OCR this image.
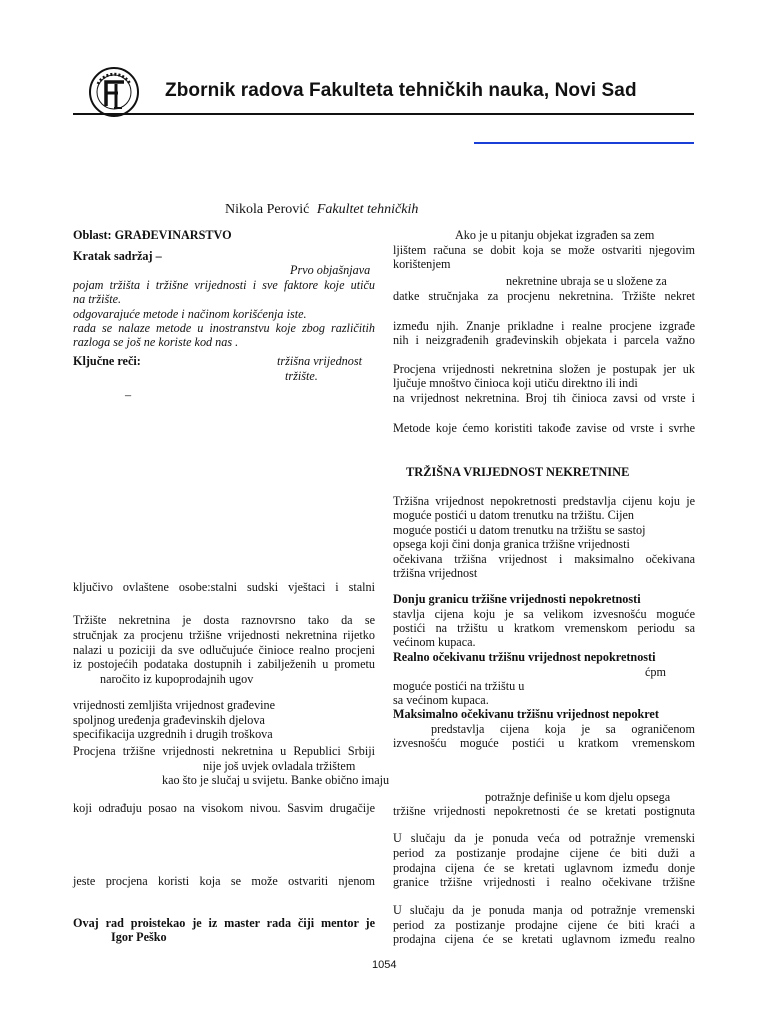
Zbornik radova Fakulteta tehničkih nauka, Novi Sad
Nikola Perović Fakultet tehničkih
Oblast: GRAĐEVINARSTVO
Kratak sadržaj –
Prvo objašnjava
pojam tržišta i tržišne vrijednosti i sve faktore koje utiču
na tržište.
odgovarajuće metode i načinom korišćenja iste.
rada se nalaze metode u inostranstvu koje zbog različitih
razloga se još ne koriste kod nas .
Ključne reči:	tržišna vrijednost
tržište.
–
ključivo ovlaštene osobe:stalni sudski vještaci i stalni
Tržište nekretnina je dosta raznovrsno tako da se
stručnjak za procjenu tržišne vrijednosti nekretnina rijetko
nalazi u poziciji da sve odlučujuće činioce realno procjeni
iz postojećih podataka dostupnih i zabilježenih u prometu
naročito iz kupoprodajnih ugov
vrijednosti zemljišta vrijednost građevine
spoljnog uređenja građevinskih djelova
specifikacija uzgrednih i drugih troškova
Procjena tržišne vrijednosti nekretnina u Republici Srbiji
nije još uvjek ovladala tržištem
kao što je slučaj u svijetu. Banke obično imaju
koji odrađuju posao na visokom nivou. Sasvim drugačije
jeste procjena koristi koja se može ostvariti njenom
Ovaj rad proistekao je iz master rada čiji mentor je
Igor Peško
Ako je u pitanju objekat izgrađen sa zem
ljištem računa se dobit koja se može ostvariti njegovim
korištenjem
nekretnine ubraja se u složene za
datke stručnjaka za procjenu nekretnina. Tržište nekret
između njih. Znanje prikladne i realne procjene izgrađe
nih i neizgrađenih građevinskih objekata i parcela važno
Procjena vrijednosti nekretnina složen je postupak jer uk
ljučuje mnoštvo činioca koji utiču direktno ili indi
na vrijednost nekretnina. Broj tih činioca zavsi od vrste i
Metode koje ćemo koristiti takođe zavise od vrste i svrhe
TRŽIŠNA VRIJEDNOST NEKRETNINE
Tržišna vrijednost nepokretnosti predstavlja cijenu koju je
moguće postići u datom trenutku na tržištu. Cijen
moguće postići u datom trenutku na tržištu se sastoj
opsega koji čini donja granica tržišne vrijednosti
očekivana tržišna vrijednost i maksimalno očekivana
tržišna vrijednost
Donju granicu tržišne vrijednosti nepokretnosti
stavlja cijena koju je sa velikom izvesnošću moguće
postići na tržištu u kratkom vremenskom periodu sa
većinom kupaca.
Realno očekivanu tržišnu vrijednost nepokretnosti
ćpm
moguće postići na tržištu u
sa većinom kupaca.
Maksimalno očekivanu tržišnu vrijednost nepokret
predstavlja cijena koja je sa ograničenom
izvesnošću moguće postići u kratkom vremenskom
potražnje definiše u kom djelu opsega
tržišne vrijednosti nepokretnosti će se kretati postignuta
U slučaju da je ponuda veća od potražnje vremenski
period za postizanje prodajne cijene će biti duži a
prodajna cijena će se kretati uglavnom između donje
granice tržišne vrijednosti i realno očekivane tržišne
U slučaju da je ponuda manja od potražnje vremenski
period za postizanje prodajne cijene će biti kraći a
prodajna cijena će se kretati uglavnom između realno
1054
